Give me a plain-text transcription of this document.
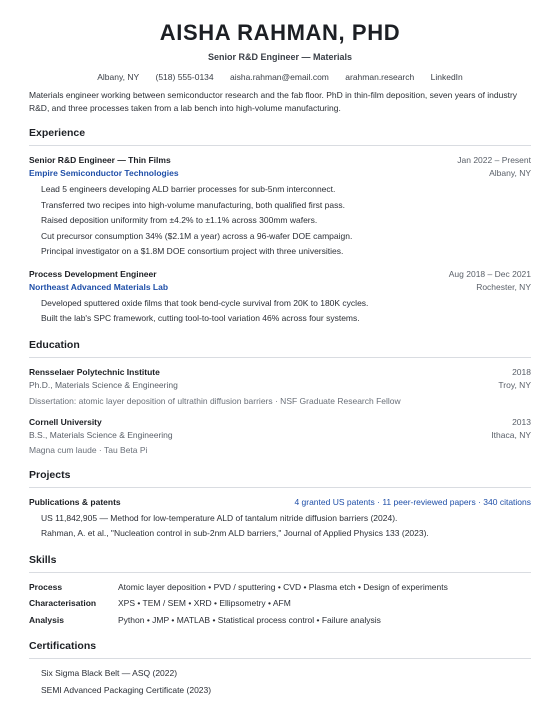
AISHA RAHMAN, PHD
Senior R&D Engineer — Materials
Albany, NY (518) 555-0134 aisha.rahman@email.com arahman.research LinkedIn
Materials engineer working between semiconductor research and the fab floor. PhD in thin-film deposition, seven years of industry R&D, and three processes taken from a lab bench into high-volume manufacturing.
Experience
Senior R&D Engineer — Thin Films	Jan 2022 – Present
Empire Semiconductor Technologies	Albany, NY
Lead 5 engineers developing ALD barrier processes for sub-5nm interconnect.
Transferred two recipes into high-volume manufacturing, both qualified first pass.
Raised deposition uniformity from ±4.2% to ±1.1% across 300mm wafers.
Cut precursor consumption 34% ($2.1M a year) across a 96-wafer DOE campaign.
Principal investigator on a $1.8M DOE consortium project with three universities.
Process Development Engineer	Aug 2018 – Dec 2021
Northeast Advanced Materials Lab	Rochester, NY
Developed sputtered oxide films that took bend-cycle survival from 20K to 180K cycles.
Built the lab's SPC framework, cutting tool-to-tool variation 46% across four systems.
Education
Rensselaer Polytechnic Institute	2018
Ph.D., Materials Science & Engineering	Troy, NY
Dissertation: atomic layer deposition of ultrathin diffusion barriers · NSF Graduate Research Fellow
Cornell University	2013
B.S., Materials Science & Engineering	Ithaca, NY
Magna cum laude · Tau Beta Pi
Projects
Publications & patents	4 granted US patents · 11 peer-reviewed papers · 340 citations
US 11,842,905 — Method for low-temperature ALD of tantalum nitride diffusion barriers (2024).
Rahman, A. et al., "Nucleation control in sub-2nm ALD barriers," Journal of Applied Physics 133 (2023).
Skills
Process	Atomic layer deposition • PVD / sputtering • CVD • Plasma etch • Design of experiments
Characterisation	XPS • TEM / SEM • XRD • Ellipsometry • AFM
Analysis	Python • JMP • MATLAB • Statistical process control • Failure analysis
Certifications
Six Sigma Black Belt — ASQ (2022)
SEMI Advanced Packaging Certificate (2023)
